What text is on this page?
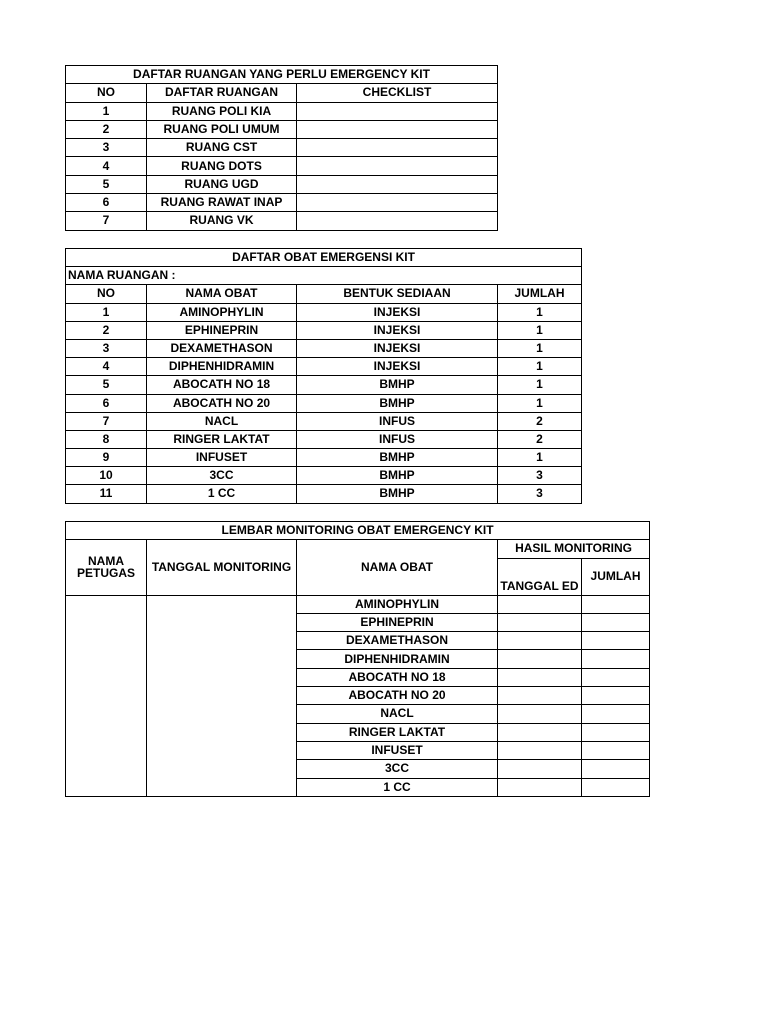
DAFTAR RUANGAN YANG PERLU EMERGENCY KIT		
NO	DAFTAR RUANGAN	CHECKLIST
1	RUANG POLI KIA	
2	RUANG POLI UMUM	
3	RUANG CST	
4	RUANG DOTS	
5	RUANG UGD	
6	RUANG RAWAT INAP	
7	RUANG VK	
DAFTAR OBAT EMERGENSI KIT			
NAMA RUANGAN :			
NO	NAMA OBAT	BENTUK SEDIAAN	JUMLAH
1	AMINOPHYLIN	INJEKSI	1
2	EPHINEPRIN	INJEKSI	1
3	DEXAMETHASON	INJEKSI	1
4	DIPHENHIDRAMIN	INJEKSI	1
5	ABOCATH NO 18	BMHP	1
6	ABOCATH NO 20	BMHP	1
7	NACL	INFUS	2
8	RINGER LAKTAT	INFUS	2
9	INFUSET	BMHP	1
10	3CC	BMHP	3
11	1 CC	BMHP	3
LEMBAR MONITORING OBAT EMERGENCY KIT				
NAMA PETUGAS	TANGGAL MONITORING	NAMA OBAT	HASIL MONITORING	
			TANGGAL ED	JUMLAH
		AMINOPHYLIN		
		EPHINEPRIN		
		DEXAMETHASON		
		DIPHENHIDRAMIN		
		ABOCATH NO 18		
		ABOCATH NO 20		
		NACL		
		RINGER LAKTAT		
		INFUSET		
		3CC		
		1 CC		
